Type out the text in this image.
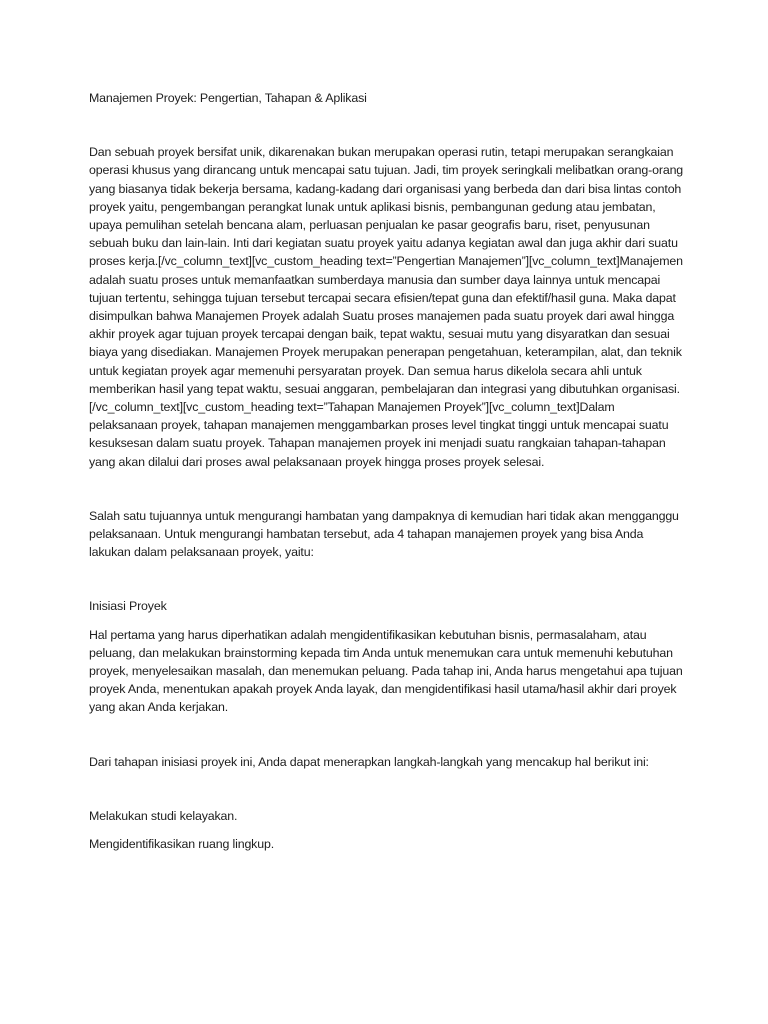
Manajemen Proyek: Pengertian, Tahapan & Aplikasi

Dan sebuah proyek bersifat unik, dikarenakan bukan merupakan operasi rutin, tetapi merupakan serangkaian operasi khusus yang dirancang untuk mencapai satu tujuan. Jadi, tim proyek seringkali melibatkan orang-orang yang biasanya tidak bekerja bersama, kadang-kadang dari organisasi yang berbeda dan dari bisa lintas contoh proyek yaitu, pengembangan perangkat lunak untuk aplikasi bisnis, pembangunan gedung atau jembatan, upaya pemulihan setelah bencana alam, perluasan penjualan ke pasar geografis baru, riset, penyusunan sebuah buku dan lain-lain. Inti dari kegiatan suatu proyek yaitu adanya kegiatan awal dan juga akhir dari suatu proses kerja.[/vc_column_text][vc_custom_heading text=”Pengertian Manajemen”][vc_column_text]Manajemen adalah suatu proses untuk memanfaatkan sumberdaya manusia dan sumber daya lainnya untuk mencapai tujuan tertentu, sehingga tujuan tersebut tercapai secara efisien/tepat guna dan efektif/hasil guna. Maka dapat disimpulkan bahwa Manajemen Proyek adalah Suatu proses manajemen pada suatu proyek dari awal hingga akhir proyek agar tujuan proyek tercapai dengan baik, tepat waktu, sesuai mutu yang disyaratkan dan sesuai biaya yang disediakan. Manajemen Proyek merupakan penerapan pengetahuan, keterampilan, alat, dan teknik untuk kegiatan proyek agar memenuhi persyaratan proyek. Dan semua harus dikelola secara ahli untuk memberikan hasil yang tepat waktu, sesuai anggaran, pembelajaran dan integrasi yang dibutuhkan organisasi.[/vc_column_text][vc_custom_heading text=”Tahapan Manajemen Proyek”][vc_column_text]Dalam pelaksanaan proyek, tahapan manajemen menggambarkan proses level tingkat tinggi untuk mencapai suatu kesuksesan dalam suatu proyek. Tahapan manajemen proyek ini menjadi suatu rangkaian tahapan-tahapan yang akan dilalui dari proses awal pelaksanaan proyek hingga proses proyek selesai.

Salah satu tujuannya untuk mengurangi hambatan yang dampaknya di kemudian hari tidak akan mengganggu pelaksanaan. Untuk mengurangi hambatan tersebut, ada 4 tahapan manajemen proyek yang bisa Anda lakukan dalam pelaksanaan proyek, yaitu:

Inisiasi Proyek

Hal pertama yang harus diperhatikan adalah mengidentifikasikan kebutuhan bisnis, permasalaham, atau peluang, dan melakukan brainstorming kepada tim Anda untuk menemukan cara untuk memenuhi kebutuhan proyek, menyelesaikan masalah, dan menemukan peluang. Pada tahap ini, Anda harus mengetahui apa tujuan proyek Anda, menentukan apakah proyek Anda layak, dan mengidentifikasi hasil utama/hasil akhir dari proyek yang akan Anda kerjakan.

Dari tahapan inisiasi proyek ini, Anda dapat menerapkan langkah-langkah yang mencakup hal berikut ini:

Melakukan studi kelayakan.

Mengidentifikasikan ruang lingkup.
